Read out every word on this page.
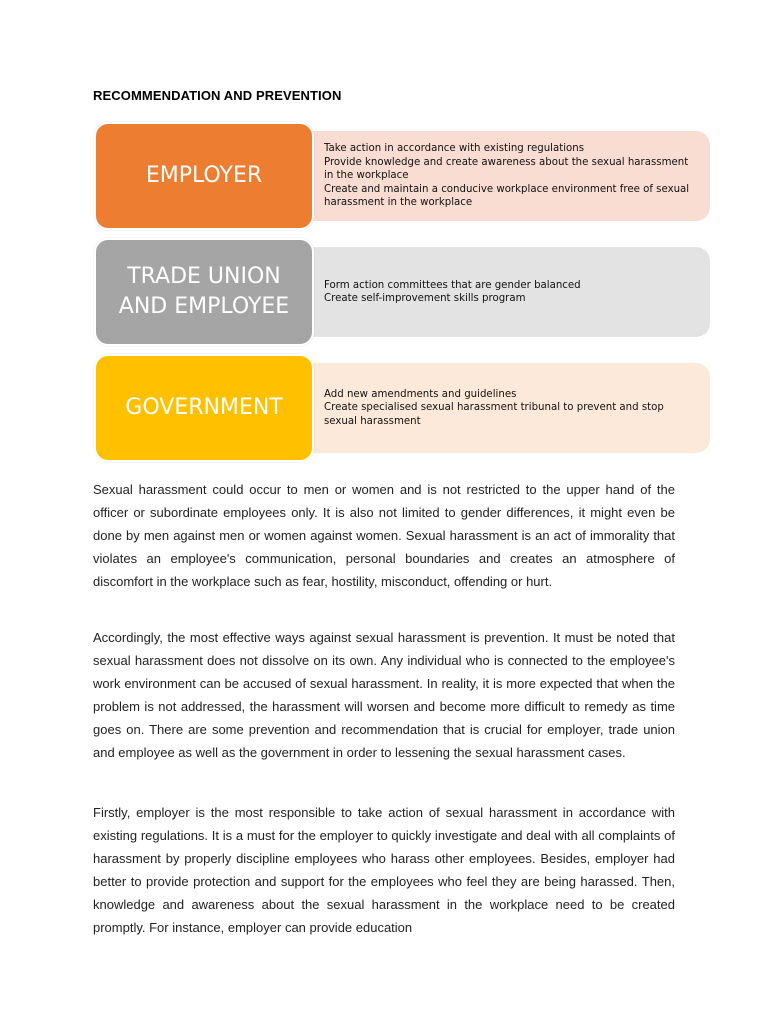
RECOMMENDATION AND PREVENTION
EMPLOYER
Take action in accordance with existing regulations
Provide knowledge and create awareness about the sexual harassment in the workplace
Create and maintain a conducive workplace environment free of sexual harassment in the workplace
TRADE UNION
AND EMPLOYEE
Form action committees that are gender balanced
Create self-improvement skills program
GOVERNMENT
Add new amendments and guidelines
Create specialised sexual harassment tribunal to prevent and stop sexual harassment

Sexual harassment could occur to men or women and is not restricted to the upper hand of the officer or subordinate employees only. It is also not limited to gender differences, it might even be done by men against men or women against women. Sexual harassment is an act of immorality that violates an employee's communication, personal boundaries and creates an atmosphere of discomfort in the workplace such as fear, hostility, misconduct, offending or hurt.

Accordingly, the most effective ways against sexual harassment is prevention. It must be noted that sexual harassment does not dissolve on its own. Any individual who is connected to the employee's work environment can be accused of sexual harassment. In reality, it is more expected that when the problem is not addressed, the harassment will worsen and become more difficult to remedy as time goes on. There are some prevention and recommendation that is crucial for employer, trade union and employee as well as the government in order to lessening the sexual harassment cases.

Firstly, employer is the most responsible to take action of sexual harassment in accordance with existing regulations. It is a must for the employer to quickly investigate and deal with all complaints of harassment by properly discipline employees who harass other employees. Besides, employer had better to provide protection and support for the employees who feel they are being harassed. Then, knowledge and awareness about the sexual harassment in the workplace need to be created promptly. For instance, employer can provide education
